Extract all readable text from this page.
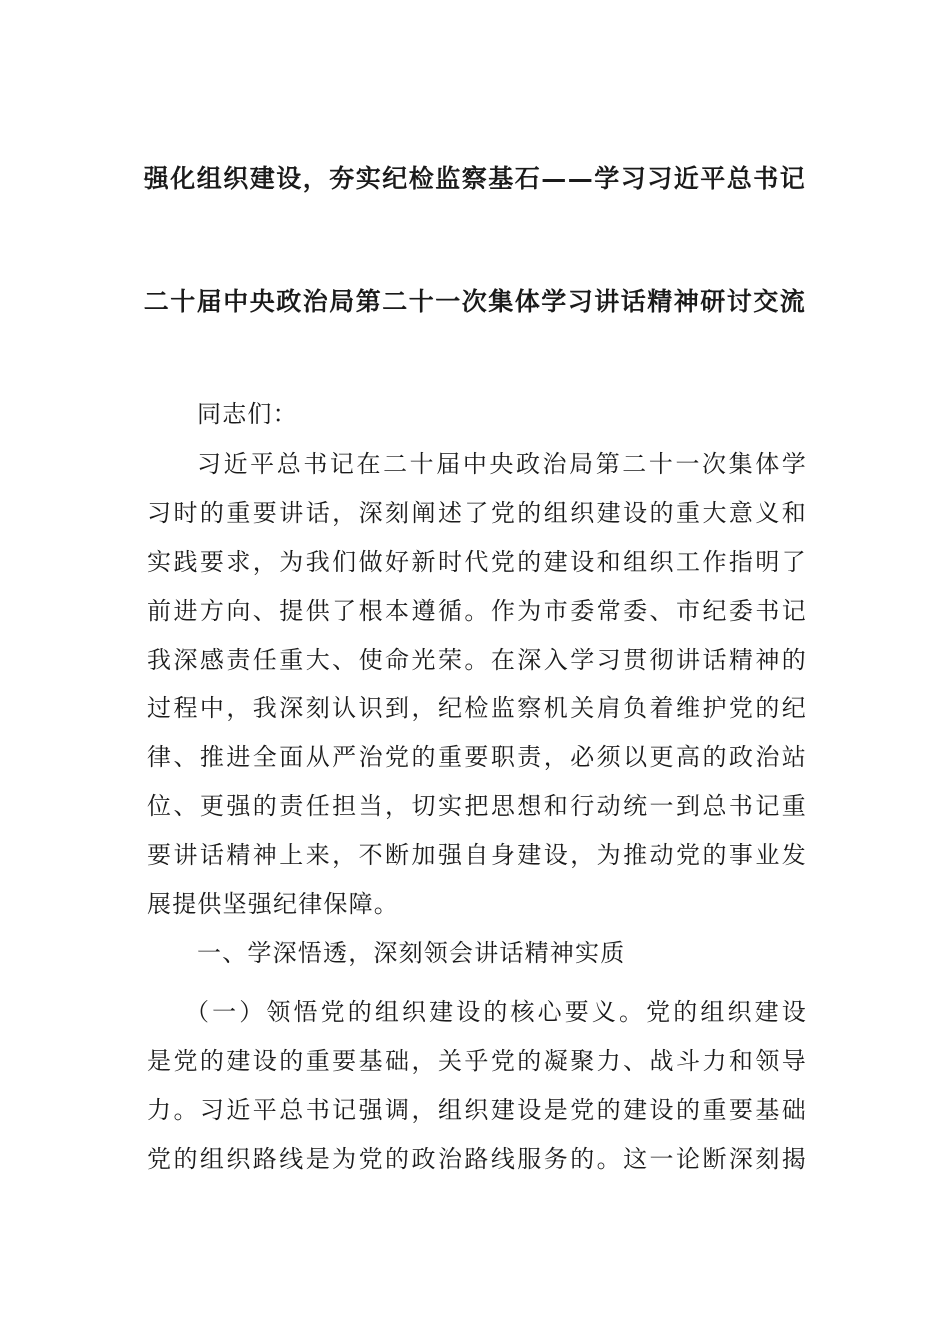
强化组织建设，夯实纪检监察基石——学习习近平总书记
二十届中央政治局第二十一次集体学习讲话精神研讨交流
同志们：
习近平总书记在二十届中央政治局第二十一次集体学
习时的重要讲话，深刻阐述了党的组织建设的重大意义和
实践要求，为我们做好新时代党的建设和组织工作指明了
前进方向、提供了根本遵循。作为市委常委、市纪委书记
我深感责任重大、使命光荣。在深入学习贯彻讲话精神的
过程中，我深刻认识到，纪检监察机关肩负着维护党的纪
律、推进全面从严治党的重要职责，必须以更高的政治站
位、更强的责任担当，切实把思想和行动统一到总书记重
要讲话精神上来，不断加强自身建设，为推动党的事业发
展提供坚强纪律保障。
一、学深悟透，深刻领会讲话精神实质
（一）领悟党的组织建设的核心要义。党的组织建设
是党的建设的重要基础，关乎党的凝聚力、战斗力和领导
力。习近平总书记强调，组织建设是党的建设的重要基础
党的组织路线是为党的政治路线服务的。这一论断深刻揭
